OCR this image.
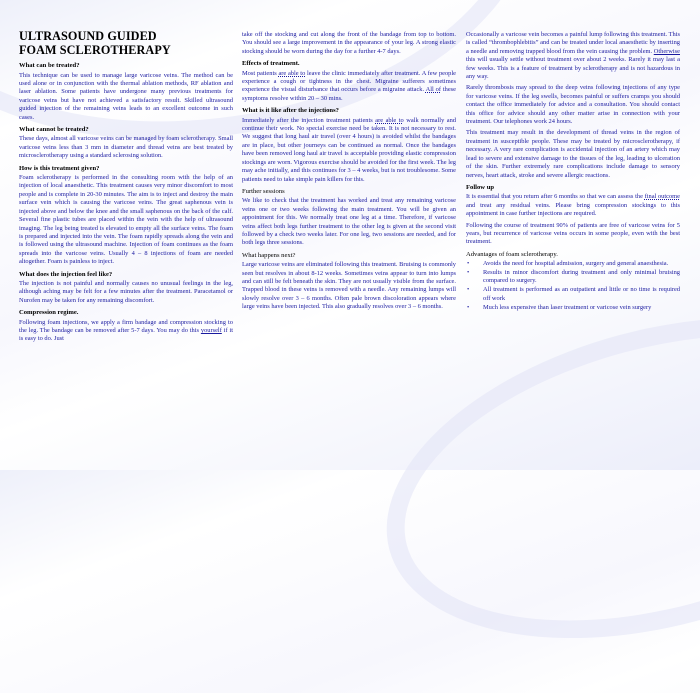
ULTRASOUND GUIDED
FOAM SCLEROTHERAPY
What can be treated?

This technique can be used to manage large varicose veins. The method can be used alone or in conjunction with the thermal ablation methods, RF ablation and laser ablation. Some patients have undergone many previous treatments for varicose veins but have not achieved a satisfactory result. Skilled ultrasound guided injection of the remaining veins leads to an excellent outcome in such cases.

What cannot be treated?

These days, almost all varicose veins can be managed by foam sclerotherapy. Small varicose veins less than 3 mm in diameter and thread veins are best treated by microsclerotherapy using a standard sclerosing solution.

How is this treatment given?

Foam sclerotherapy is performed in the consulting room with the help of an injection of local anaesthetic. This treatment causes very minor discomfort to most people and is complete in 20-30 minutes. The aim is to inject and destroy the main surface vein which is causing the varicose veins. The great saphenous vein is injected above and below the knee and the small saphenous on the back of the calf. Several fine plastic tubes are placed within the vein with the help of ultrasound imaging. The leg being treated is elevated to empty all the surface veins. The foam is prepared and injected into the vein. The foam rapidly spreads along the vein and is followed using the ultrasound machine. Injection of foam continues as the foam spreads into the varicose veins. Usually 4 – 8 injections of foam are needed altogether. Foam is painless to inject.

What does the injection feel like?

The injection is not painful and normally causes no unusual feelings in the leg, although aching may be felt for a few minutes after the treatment. Paracetamol or Nurofen may be taken for any remaining discomfort.

Compression regime.

Following foam injections, we apply a firm bandage and compression stocking to the leg. The bandage can be removed after 5-7 days. You may do this yourself if it is easy to do. Just

take off the stocking and cut along the front of the bandage from top to bottom. You should see a large improvement in the appearance of your leg. A strong elastic stocking should be worn during the day for a further 4-7 days.

Effects of treatment.

Most patients are able to leave the clinic immediately after treatment. A few people experience a cough or tightness in the chest. Migraine sufferers sometimes experience the visual disturbance that occurs before a migraine attack. All of these symptoms resolve within 20 – 30 mins.

What is it like after the injections?

Immediately after the injection treatment patients are able to walk normally and continue their work. No special exercise need be taken. It is not necessary to rest. We suggest that long haul air travel (over 4 hours) is avoided whilst the bandages are in place, but other journeys can be continued as normal. Once the bandages have been removed long haul air travel is acceptable providing elastic compression stockings are worn. Vigorous exercise should be avoided for the first week. The leg may ache initially, and this continues for 3 – 4 weeks, but is not troublesome. Some patients need to take simple pain killers for this.

Further sessions

We like to check that the treatment has worked and treat any remaining varicose veins one or two weeks following the main treatment. You will be given an appointment for this. We normally treat one leg at a time. Therefore, if varicose veins affect both legs further treatment to the other leg is given at the second visit followed by a check two weeks later. For one leg, two sessions are needed, and for both legs three sessions.

What happens next?

Large varicose veins are eliminated following this treatment. Bruising is commonly seen but resolves in about 8-12 weeks. Sometimes veins appear to turn into lumps and can still be felt beneath the skin. They are not usually visible from the surface. Trapped blood in these veins is removed with a needle. Any remaining lumps will slowly resolve over 3 – 6 months. Often pale brown discoloration appears where large veins have been injected. This also gradually resolves over 3 – 6 months.

Occasionally a varicose vein becomes a painful lump following this treatment. This is called “thrombophlebitis” and can be treated under local anaesthetic by inserting a needle and removing trapped blood from the vein causing the problem. Otherwise this will usually settle without treatment over about 2 weeks. Rarely it may last a few weeks. This is a feature of treatment by sclerotherapy and is not hazardous in any way.

Rarely thrombosis may spread to the deep veins following injections of any type for varicose veins. If the leg swells, becomes painful or suffers cramps you should contact the office immediately for advice and a consultation. You should contact this office for advice should any other matter arise in connection with your treatment. Our telephones work 24 hours.

This treatment may result in the development of thread veins in the region of treatment in susceptible people. These may be treated by microsclerotherapy, if necessary. A very rare complication is accidental injection of an artery which may lead to severe and extensive damage to the tissues of the leg, leading to ulceration of the skin. Further extremely rare complications include damage to sensory nerves, heart attack, stroke and severe allergic reactions.

Follow up

It is essential that you return after 6 months so that we can assess the final outcome and treat any residual veins. Please bring compression stockings to this appointment in case further injections are required.

Following the course of treatment 90% of patients are free of varicose veins for 5 years, but recurrence of varicose veins occurs in some people, even with the best treatment.

Advantages of foam sclerotherapy.
• Avoids the need for hospital admission, surgery and general anaesthesia.
• Results in minor discomfort during treatment and only minimal bruising compared to surgery.
• All treatment is performed as an outpatient and little or no time is required off work
• Much less expensive than laser treatment or varicose vein surgery
